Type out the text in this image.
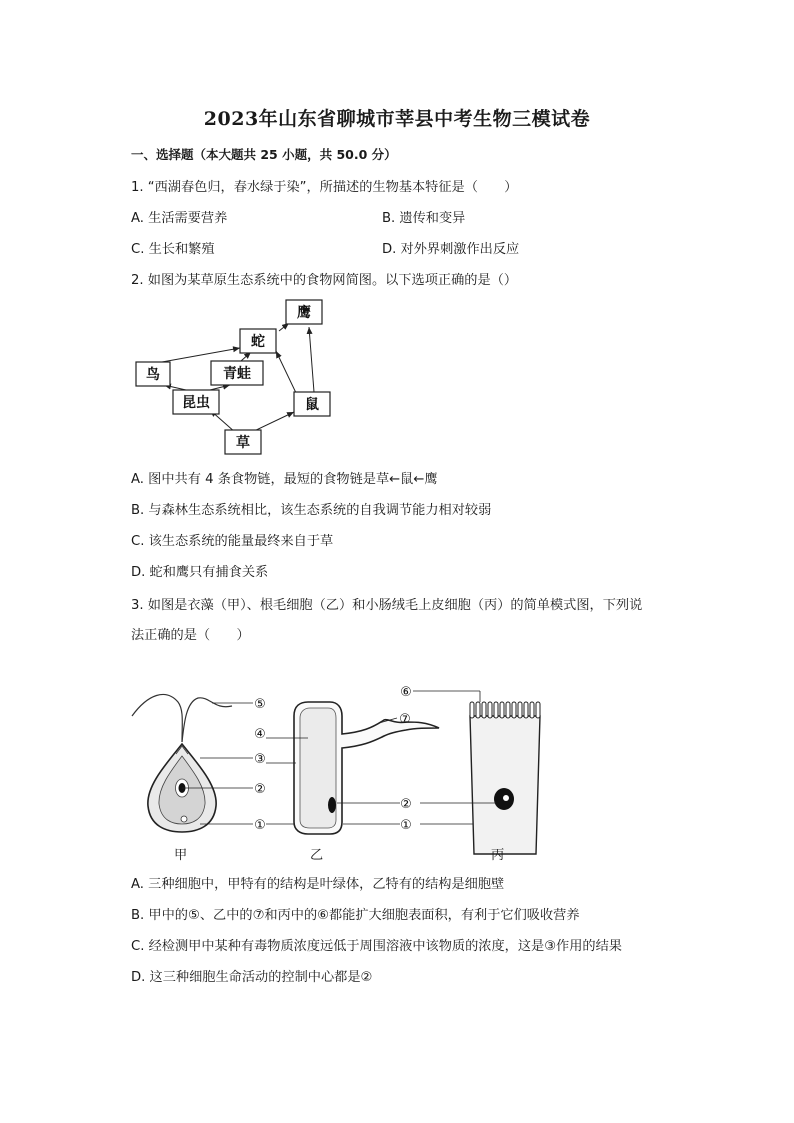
2023年山东省聊城市莘县中考生物三模试卷
一、选择题（本大题共 25 小题，共 50.0 分）
1. “西湖春色归，春水绿于染”，所描述的生物基本特征是（　　）
A. 生活需要营养	B. 遗传和变异
C. 生长和繁殖	D. 对外界刺激作出反应
2. 如图为某草原生态系统中的食物网简图。以下选项正确的是（）
鹰
蛇
鸟	青蛙
昆虫	鼠
草
A. 图中共有 4 条食物链，最短的食物链是草←鼠←鹰
B. 与森林生态系统相比，该生态系统的自我调节能力相对较弱
C. 该生态系统的能量最终来自于草
D. 蛇和鹰只有捕食关系
3. 如图是衣藻（甲）、根毛细胞（乙）和小肠绒毛上皮细胞（丙）的简单模式图，下列说
法正确的是（　　）
⑤
④
③
②
①
⑦
⑥
②
①
甲	乙	丙
A. 三种细胞中，甲特有的结构是叶绿体，乙特有的结构是细胞壁
B. 甲中的⑤、乙中的⑦和丙中的⑥都能扩大细胞表面积，有利于它们吸收营养
C. 经检测甲中某种有毒物质浓度远低于周围溶液中该物质的浓度，这是③作用的结果
D. 这三种细胞生命活动的控制中心都是②
